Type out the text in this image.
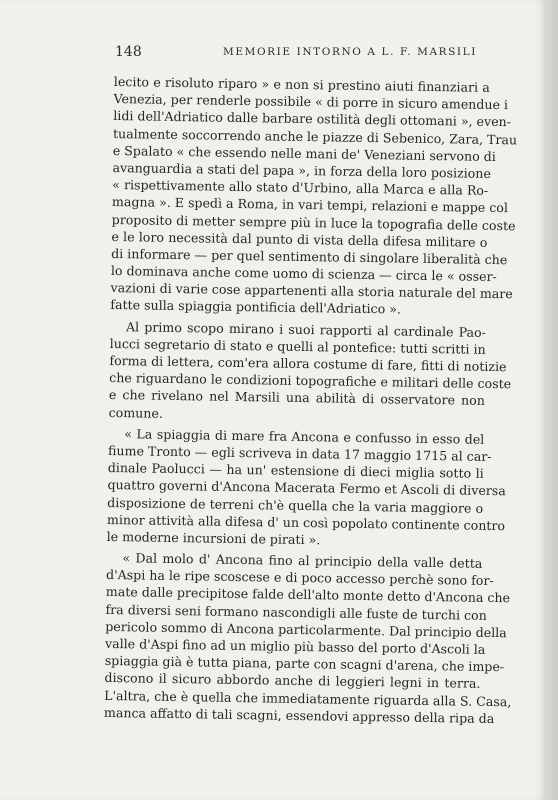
148	MEMORIE INTORNO A L. F. MARSILI
lecito e risoluto riparo » e non si prestino aiuti finanziari a
Venezia, per renderle possibile « di porre in sicuro amendue i
lidi dell'Adriatico dalle barbare ostilità degli ottomani », even-
tualmente soccorrendo anche le piazze di Sebenico, Zara, Trau
e Spalato « che essendo nelle mani de' Veneziani servono di
avanguardia a stati del papa », in forza della loro posizione
« rispettivamente allo stato d'Urbino, alla Marca e alla Ro-
magna ». E spedì a Roma, in vari tempi, relazioni e mappe col
proposito di metter sempre più in luce la topografia delle coste
e le loro necessità dal punto di vista della difesa militare o
di informare — per quel sentimento di singolare liberalità che
lo dominava anche come uomo di scienza — circa le « osser-
vazioni di varie cose appartenenti alla storia naturale del mare
fatte sulla spiaggia pontificia dell'Adriatico ».
Al primo scopo mirano i suoi rapporti al cardinale Pao-
lucci segretario di stato e quelli al pontefice: tutti scritti in
forma di lettera, com'era allora costume di fare, fitti di notizie
che riguardano le condizioni topografiche e militari delle coste
e che rivelano nel Marsili una abilità di osservatore non
comune.
« La spiaggia di mare fra Ancona e confusso in esso del
fiume Tronto — egli scriveva in data 17 maggio 1715 al car-
dinale Paolucci — ha un' estensione di dieci miglia sotto li
quattro governi d'Ancona Macerata Fermo et Ascoli di diversa
disposizione de terreni ch'è quella che la varia maggiore o
minor attività alla difesa d' un così popolato continente contro
le moderne incursioni de pirati ».
« Dal molo d' Ancona fino al principio della valle detta
d'Aspi ha le ripe scoscese e di poco accesso perchè sono for-
mate dalle precipitose falde dell'alto monte detto d'Ancona che
fra diversi seni formano nascondigli alle fuste de turchi con
pericolo sommo di Ancona particolarmente. Dal principio della
valle d'Aspi fino ad un miglio più basso del porto d'Ascoli la
spiaggia già è tutta piana, parte con scagni d'arena, che impe-
discono il sicuro abbordo anche di leggieri legni in terra.
L'altra, che è quella che immediatamente riguarda alla S. Casa,
manca affatto di tali scagni, essendovi appresso della ripa da
